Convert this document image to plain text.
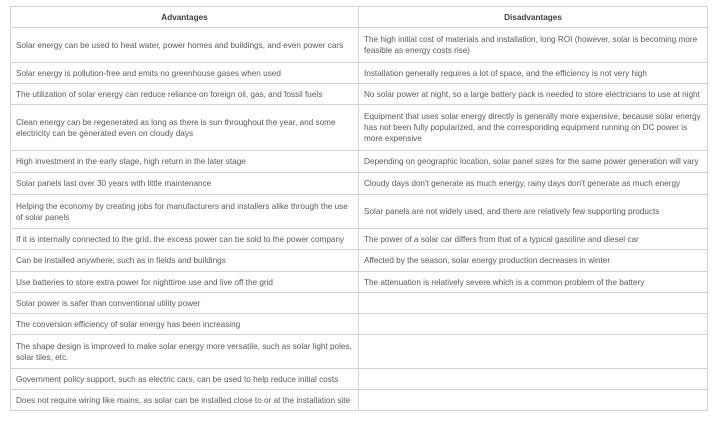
Advantages	Disadvantages
Solar energy can be used to heat water, power homes and buildings, and even power cars	The high initial cost of materials and installation, long ROI (however, solar is becoming more feasible as energy costs rise)
Solar energy is pollution-free and emits no greenhouse gases when used	Installation generally requires a lot of space, and the efficiency is not very high
The utilization of solar energy can reduce reliance on foreign oil, gas, and fossil fuels	No solar power at night, so a large battery pack is needed to store electricians to use at night
Clean energy can be regenerated as long as there is sun throughout the year, and some electricity can be generated even on cloudy days	Equipment that uses solar energy directly is generally more expensive, because solar energy has not been fully popularized, and the corresponding equipment running on DC power is more expensive
High investment in the early stage, high return in the later stage	Depending on geographic location, solar panel sizes for the same power generation will vary
Solar panels last over 30 years with little maintenance	Cloudy days don't generate as much energy, rainy days don't generate as much energy
Helping the economy by creating jobs for manufacturers and installers alike through the use of solar panels	Solar panels are not widely used, and there are relatively few supporting products
If it is internally connected to the grid, the excess power can be sold to the power company	The power of a solar car differs from that of a typical gasoline and diesel car
Can be installed anywhere; such as in fields and buildings	Affected by the season, solar energy production decreases in winter
Use batteries to store extra power for nighttime use and live off the grid	The attenuation is relatively severe which is a common problem of the battery
Solar power is safer than conventional utility power	
The conversion efficiency of solar energy has been increasing	
The shape design is improved to make solar energy more versatile, such as solar light poles, solar tiles, etc.	
Government policy support, such as electric cars, can be used to help reduce initial costs	
Does not require wiring like mains, as solar can be installed close to or at the installation site	
